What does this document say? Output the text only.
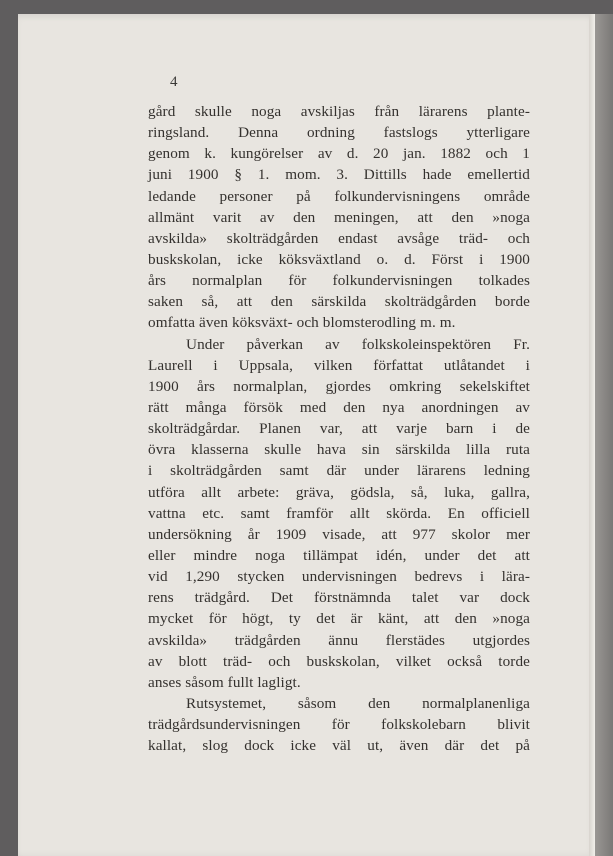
4
gård skulle noga avskiljas från lärarens plante-
ringsland. Denna ordning fastslogs ytterligare
genom k. kungörelser av d. 20 jan. 1882 och 1
juni 1900 § 1. mom. 3. Dittills hade emellertid
ledande personer på folkundervisningens område
allmänt varit av den meningen, att den »noga
avskilda» skolträdgården endast avsåge träd- och
buskskolan, icke köksväxtland o. d. Först i 1900
års normalplan för folkundervisningen tolkades
saken så, att den särskilda skolträdgården borde
omfatta även köksväxt- och blomsterodling m. m.
Under påverkan av folkskoleinspektören Fr.
Laurell i Uppsala, vilken författat utlåtandet i
1900 års normalplan, gjordes omkring sekelskiftet
rätt många försök med den nya anordningen av
skolträdgårdar. Planen var, att varje barn i de
övra klasserna skulle hava sin särskilda lilla ruta
i skolträdgården samt där under lärarens ledning
utföra allt arbete: gräva, gödsla, så, luka, gallra,
vattna etc. samt framför allt skörda. En officiell
undersökning år 1909 visade, att 977 skolor mer
eller mindre noga tillämpat idén, under det att
vid 1,290 stycken undervisningen bedrevs i lära-
rens trädgård. Det förstnämnda talet var dock
mycket för högt, ty det är känt, att den »noga
avskilda» trädgården ännu flerstädes utgjordes
av blott träd- och buskskolan, vilket också torde
anses såsom fullt lagligt.
Rutsystemet, såsom den normalplanenliga
trädgårdsundervisningen för folkskolebarn blivit
kallat, slog dock icke väl ut, även där det på
